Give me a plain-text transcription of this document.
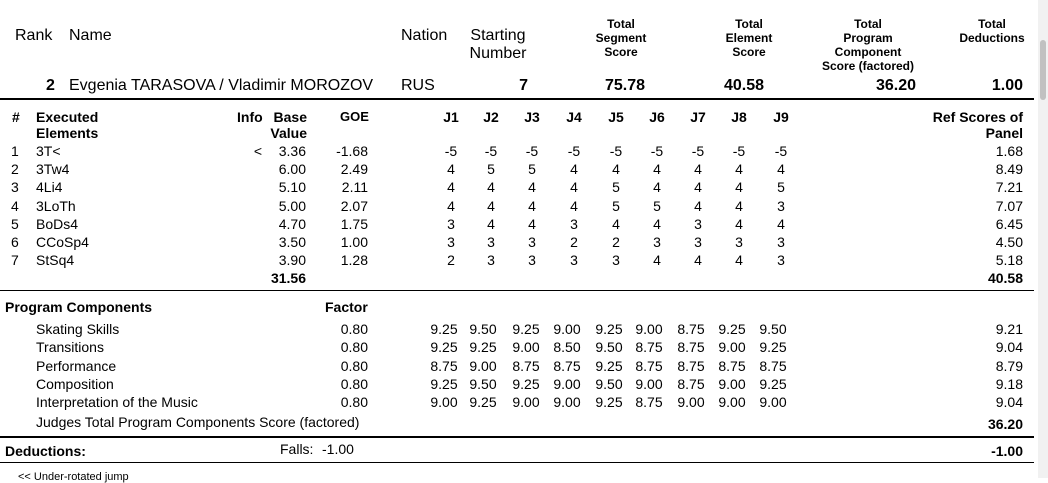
Rank Name	Nation	Starting
Number
Total
Segment
Score
Total
Element
Score
Total
Program
Component
Score (factored)
Total
Deductions
2 Evgenia TARASOVA / Vladimir MOROZOV RUS	7	75.78	40.58	36.20	1.00
# Executed
Elements
Info Base
Value
GOE	J1	J2	J3	J4	J5	J6	J7	J8	J9	Ref Scores of
Panel
1 3T<	<	3.36	-1.68	-5	-5	-5	-5	-5	-5	-5	-5	-5	1.68
2 3Tw4	6.00	2.49	4	5	5	4	4	4	4	4	4	8.49
3 4Li4	5.10	2.11	4	4	4	4	5	4	4	4	5	7.21
4 3LoTh	5.00	2.07	4	4	4	4	5	5	4	4	3	7.07
5 BoDs4	4.70	1.75	3	4	4	3	4	4	3	4	4	6.45
6 CCoSp4	3.50	1.00	3	3	3	2	2	3	3	3	3	4.50
7 StSq4	3.90	1.28	2	3	3	3	3	4	4	4	3	5.18
31.56	40.58
Program Components	Factor
Skating Skills	0.80	9.25 9.50	9.25 9.00	9.25 9.00	8.75 9.25 9.50	9.21
Transitions	0.80	9.25 9.25	9.00 8.50	9.50 8.75	8.75 9.00 9.25	9.04
Performance	0.80	8.75 9.00	8.75 8.75	9.25 8.75	8.75 8.75 8.75	8.79
Composition	0.80	9.25 9.50	9.25 9.00	9.50 9.00	8.75 9.00 9.25	9.18
Interpretation of the Music	0.80	9.00 9.25	9.00 9.00	9.25 8.75	9.00 9.00 9.00	9.04
Judges Total Program Components Score (factored)	36.20
Deductions:	Falls: -1.00	-1.00
<< Under-rotated jump
